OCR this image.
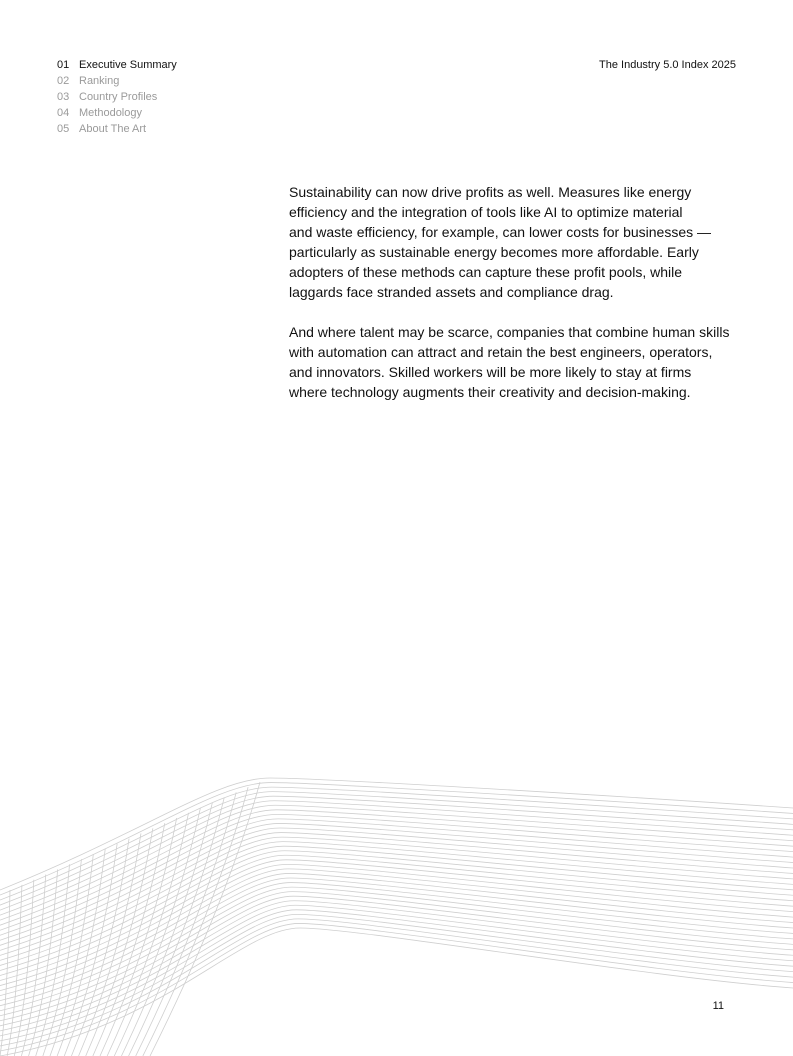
01 Executive Summary
02 Ranking
03 Country Profiles
04 Methodology
05 About The Art
The Industry 5.0 Index 2025

Sustainability can now drive profits as well. Measures like energy
efficiency and the integration of tools like AI to optimize material
and waste efficiency, for example, can lower costs for businesses —
particularly as sustainable energy becomes more affordable. Early
adopters of these methods can capture these profit pools, while
laggards face stranded assets and compliance drag.

And where talent may be scarce, companies that combine human skills
with automation can attract and retain the best engineers, operators,
and innovators. Skilled workers will be more likely to stay at firms
where technology augments their creativity and decision-making.

11
